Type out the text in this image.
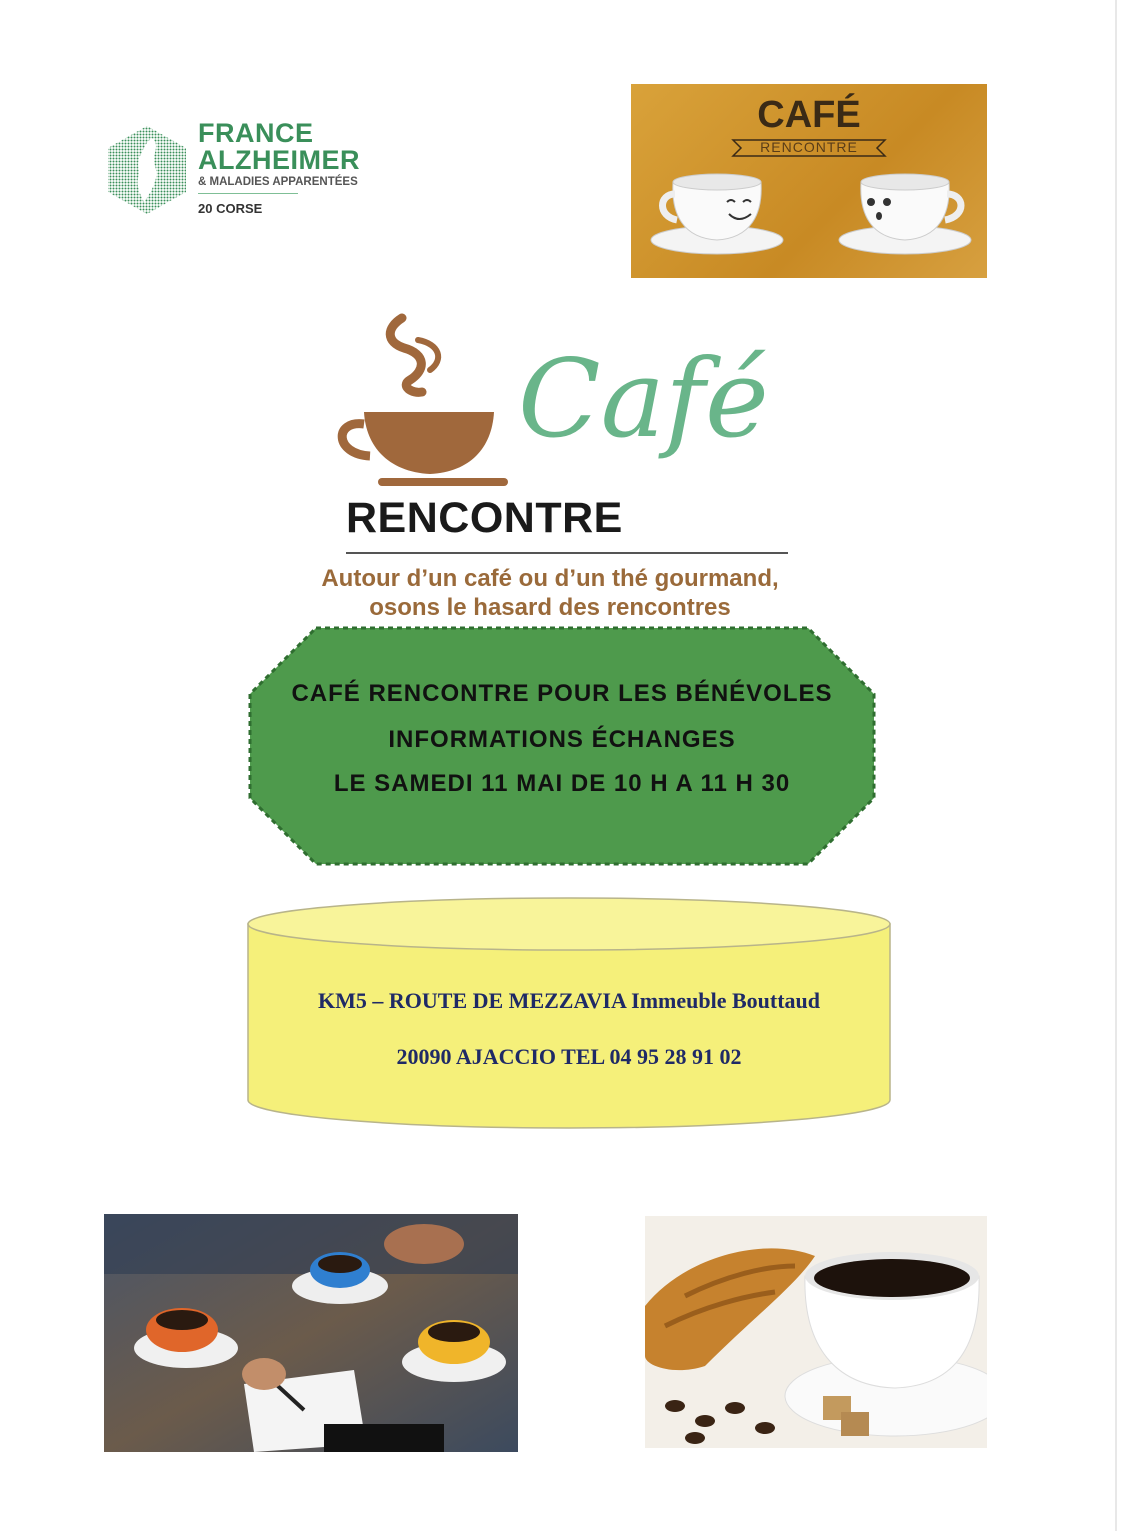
FRANCE
ALZHEIMER
& MALADIES APPARENTÉES
20 CORSE
CAFÉ
RENCONTRE
Café
RENCONTRE
Autour d’un café ou d’un thé gourmand,
osons le hasard des rencontres
CAFÉ RENCONTRE POUR LES BÉNÉVOLES
INFORMATIONS ÉCHANGES
LE SAMEDI 11 MAI DE 10 H A 11 H 30
KM5 – ROUTE DE MEZZAVIA Immeuble Bouttaud
20090 AJACCIO TEL 04 95 28 91 02
